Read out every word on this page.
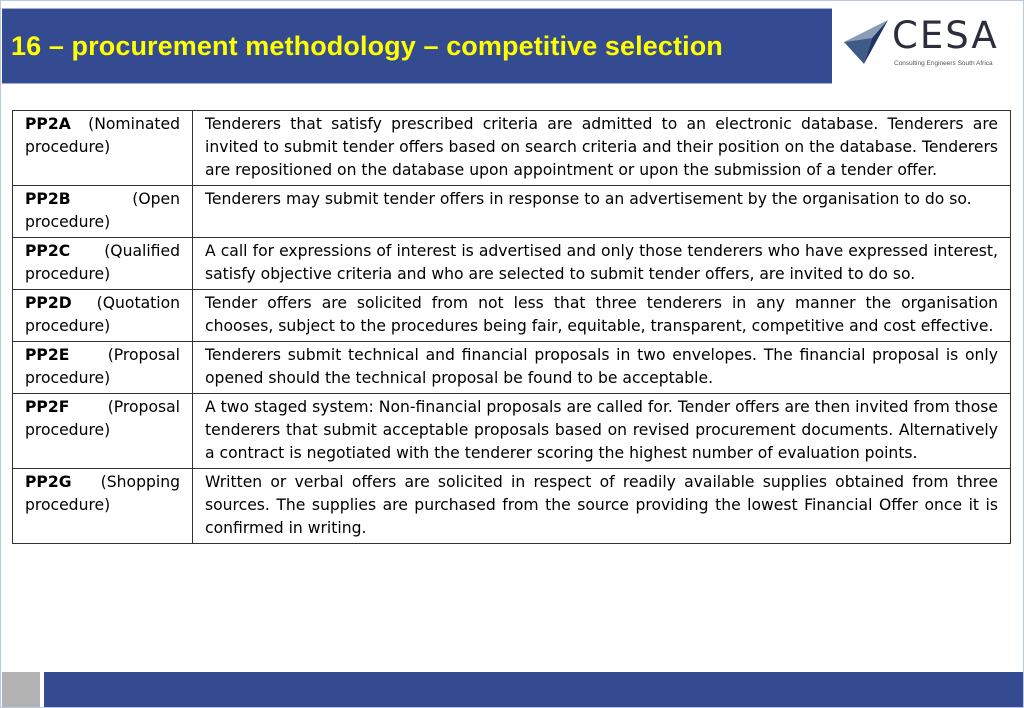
16 – procurement methodology – competitive selection	CESA
Consulting Engineers South Africa
PP2A (Nominated procedure)	Tenderers that satisfy prescribed criteria are admitted to an electronic database. Tenderers are invited to submit tender offers based on search criteria and their position on the database. Tenderers are repositioned on the database upon appointment or upon the submission of a tender offer.
PP2B (Open procedure)	Tenderers may submit tender offers in response to an advertisement by the organisation to do so.
PP2C (Qualified procedure)	A call for expressions of interest is advertised and only those tenderers who have expressed interest, satisfy objective criteria and who are selected to submit tender offers, are invited to do so.
PP2D (Quotation procedure)	Tender offers are solicited from not less that three tenderers in any manner the organisation chooses, subject to the procedures being fair, equitable, transparent, competitive and cost effective.
PP2E (Proposal procedure)	Tenderers submit technical and financial proposals in two envelopes. The financial proposal is only opened should the technical proposal be found to be acceptable.
PP2F (Proposal procedure)	A two staged system: Non-financial proposals are called for. Tender offers are then invited from those tenderers that submit acceptable proposals based on revised procurement documents. Alternatively a contract is negotiated with the tenderer scoring the highest number of evaluation points.
PP2G (Shopping procedure)	Written or verbal offers are solicited in respect of readily available supplies obtained from three sources. The supplies are purchased from the source providing the lowest Financial Offer once it is confirmed in writing.
